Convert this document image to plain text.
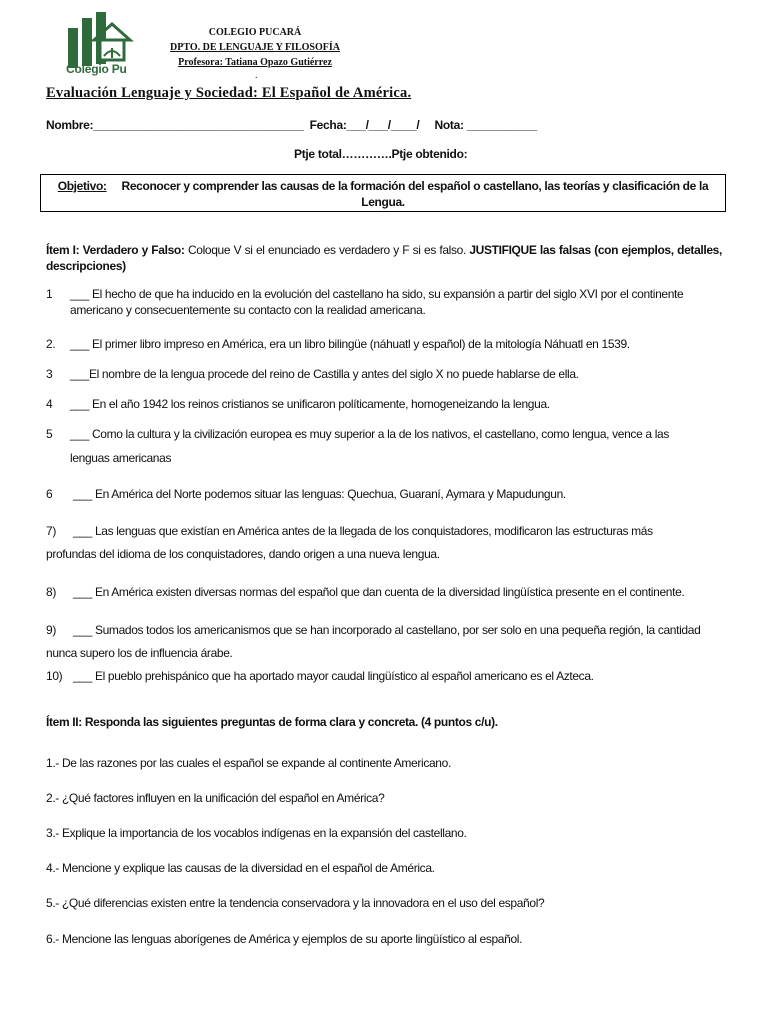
Colegio Pu
COLEGIO PUCARÁ
DPTO. DE LENGUAJE Y FILOSOFÍA
Profesora: Tatiana Opazo Gutiérrez
.
Evaluación Lenguaje y Sociedad: El Español de América.
Nombre:_________________________________  Fecha:___/___/____/     Nota: ___________
Ptje total………….Ptje obtenido:
Objetivo: Reconocer y comprender las causas de la formación del español o castellano, las teorías y clasificación de la Lengua.
Ítem I: Verdadero y Falso: Coloque V si el enunciado es verdadero y F si es falso. JUSTIFIQUE las falsas (con ejemplos, detalles, descripciones)
1 ___ El hecho de que ha inducido en la evolución del castellano ha sido, su expansión a partir del siglo XVI por el continente
americano y consecuentemente su contacto con la realidad americana.
2. ___ El primer libro impreso en América, era un libro bilingüe (náhuatl y español) de la mitología Náhuatl en 1539.
3 ___El nombre de la lengua procede del reino de Castilla y antes del siglo X no puede hablarse de ella.
4 ___ En el año 1942 los reinos cristianos se unificaron políticamente, homogeneizando la lengua.
5 ___ Como la cultura y la civilización europea es muy superior a la de los nativos, el castellano, como lengua, vence a las
lenguas americanas
6 ___ En América del Norte podemos situar las lenguas: Quechua, Guaraní, Aymara y Mapudungun.
7) ___ Las lenguas que existían en América antes de la llegada de los conquistadores, modificaron las estructuras más
profundas del idioma de los conquistadores, dando origen a una nueva lengua.
8) ___ En América existen diversas normas del español que dan cuenta de la diversidad lingüística presente en el continente.
9) ___ Sumados todos los americanismos que se han incorporado al castellano, por ser solo en una pequeña región, la cantidad
nunca supero los de influencia árabe.
10) ___ El pueblo prehispánico que ha aportado mayor caudal lingüístico al español americano es el Azteca.
Ítem II: Responda las siguientes preguntas de forma clara y concreta. (4 puntos c/u).
1.- De las razones por las cuales el español se expande al continente Americano.
2.- ¿Qué factores influyen en la unificación del español en América?
3.- Explique la importancia de los vocablos indígenas en la expansión del castellano.
4.- Mencione y explique las causas de la diversidad en el español de América.
5.- ¿Qué diferencias existen entre la tendencia conservadora y la innovadora en el uso del español?
6.- Mencione las lenguas aborígenes de América y ejemplos de su aporte lingüístico al español.
